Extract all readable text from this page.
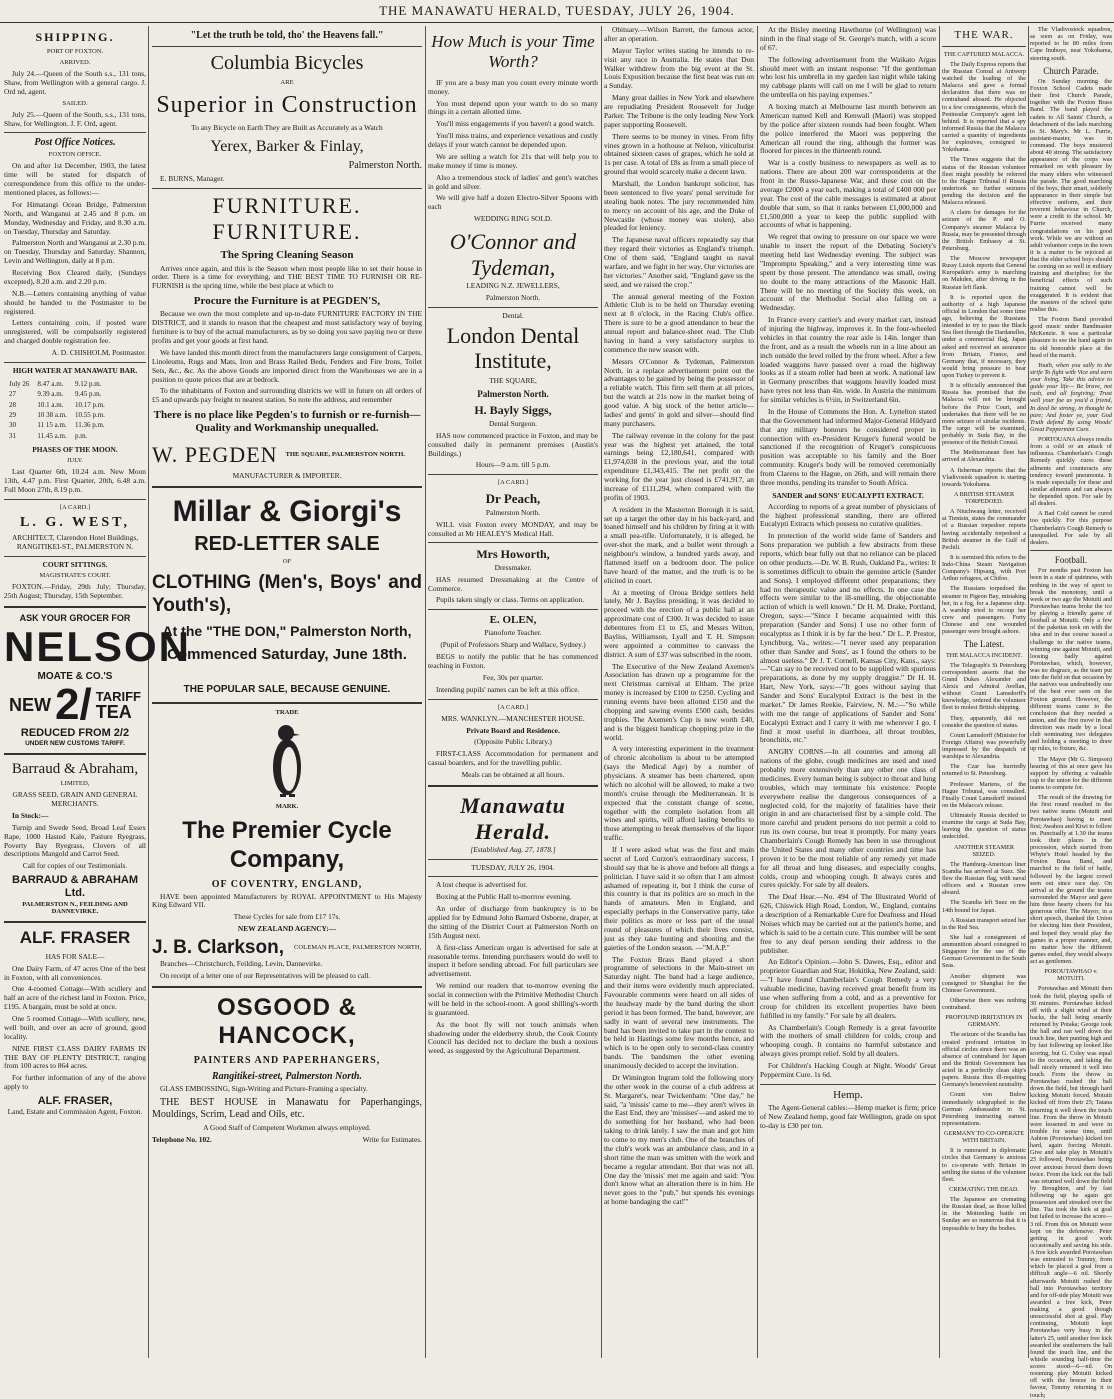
THE MANAWATU HERALD, TUESDAY, JULY 26, 1904.
SHIPPING.

PORT OF FOXTON.

ARRIVED.

July 24.—Queen of the South s.s., 131 tons, Shaw, from Wellington with a general cargo. J. Ord nd, agent.

SAILED.

July 25.—Queen of the South, s.s., 131 tons, Shaw, for Wellington. J. F. Ord, agent.

Post Office Notices.

FOXTON OFFICE.

On and after 1st December, 1903, the latest time will be stated for dispatch of correspondence from this office to the under-mentioned places, as follows:—

For Himatangi Ocean Bridge, Palmerston North, and Wanganui at 2.45 and 8 p.m. on Monday, Wednesday and Friday, and 8.30 a.m. on Tuesday, Thursday and Saturday.

Palmerston North and Wanganui at 2.30 p.m. on Tuesday, Thursday and Saturday. Shannon, Levin and Wellington, daily at 8 p.m.

Receiving Box Cleared daily, (Sundays excepted), 8.20 a.m. and 2.20 p.m.

N.B.—Letters containing anything of value should be handed to the Postmaster to be registered.

Letters containing coin, if posted ware unregistered, will be compulsorily registered and charged double registration fee.

A. D. CHISHOLM, Postmaster.

HIGH WATER AT MANAWATU BAR.
July 26	8.47 a.m.	9.12 p.m.
27	9.39 a.m.	9.45 p.m.
28	10.1 a.m.	10.17 p.m.
29	10 38 a.m.	10.55 p.m.
30	11 15 a.m.	11.36 p.m.
31	11.45 a.m.	p.m.
PHASES OF THE MOON.

JULY.

Last Quarter 6th, 10.24 a.m. New Moon 13th, 4.47 p.m. First Quarter, 20th, 6.48 a.m. Full Moon 27th, 8.19 p.m.

[A CARD.]

L. G. WEST,

ARCHITECT, Clarendon Hotel Buildings, RANGITIKEI-ST., PALMERSTON N.

COURT SITTINGS.

MAGISTRATE'S COURT.

FOXTON.—Friday, 29th July; Thursday, 25th August; Thursday, 15th September.

ASK YOUR GROCER FOR
NELSON
MOATE & CO.'S
NEW 2/ TARIFF
TEA
REDUCED FROM 2/2
UNDER NEW CUSTOMS TARIFF.
Barraud & Abraham,

LIMITED,

GRASS SEED, GRAIN AND GENERAL MERCHANTS.

In Stock:—

Turnip and Swede Seed, Broad Leaf Essex Rape, 1000 Hasted Kale, Pasture Ryegrass, Poverty Bay Ryegrass, Clovers of all descriptions Mangold and Carrot Seed.

Call for copies of our Testimonials.

BARRAUD & ABRAHAM Ltd.

PALMERSTON N., FEILDING AND DANNEVIRKE.

ALF. FRASER

HAS FOR SALE—

One Dairy Farm, of 47 acres One of the best in Foxton, with all conveniences.

One 4-roomed Cottage—With scullery and half an acre of the richest land in Foxton. Price, £195. A bargain, must be sold at once.

One 5 roomed Cottage—With scullery, new, well built, and over an acre of ground, good locality.

NINE FIRST CLASS DAIRY FARMS IN THE BAY OF PLENTY DISTRICT, ranging from 100 acres to 864 acres.

For further information of any of the above apply to

ALF. FRASER,

Land, Estate and Commission Agent, Foxton.

"Let the truth be told, tho' the Heavens fall."
Columbia Bicycles

ARE

Superior in Construction

To any Bicycle on Earth They are Built as Accurately as a Watch

Yerex, Barker & Finlay,

Palmerston North.

E. BURNS, Manager.

FURNITURE. FURNITURE.
The Spring Cleaning Season

Arrives once again, and this is the Season when most people like to set their house in order. There is a time for everything, and THE BEST TIME TO FURNISH OR RE-FURNISH is the spring time, while the best place at which to

Procure the Furniture is at PEGDEN'S,

Because we own the most complete and up-to-date FURNITURE FACTORY IN THE DISTRICT, and it stands to reason that the cheapest and most satisfactory way of buying furniture is to buy of the actual manufacturers, as by so doing you save paying two or three profits and get your goods at first hand.

We have landed this month direct from the manufacturers large consignment of Carpets, Linoleums, Rugs and Mats, Iron and Brass Railed Beds, Fenders and Fire Irons, Toilet Sets, &c., &c. As the above Goods are imported direct from the Warehouses we are in a position to quote prices that are at bedrock.

To the inhabitants of Foxton and surrounding districts we will in future on all orders of £5 and upwards pay freight to nearest station. So note the address, and remember

There is no place like Pegden's to furnish or re-furnish—Quality and Workmanship unequalled.
W. PEGDEN THE SQUARE, PALMERSTON NORTH.

MANUFACTURER & IMPORTER.

Millar & Giorgi's
RED-LETTER SALE

OF

CLOTHING (Men's, Boys' and Youth's),
At the "THE DON," Palmerston North,
Commenced Saturday, June 18th.
THE POPULAR SALE, BECAUSE GENUINE.

TRADE

MARK.

The Premier Cycle Company,
OF COVENTRY, ENGLAND,

HAVE been appointed Manufacturers by ROYAL APPOINTMENT to His Majesty King Edward VII.

These Cycles for sale from £17 17s.

NEW ZEALAND AGENCY:—

J. B. Clarkson, COLEMAN PLACE, PALMERSTON NORTH,

Branches—Christchurch, Feilding, Levin, Dannevirke.

On receipt of a letter one of our Representatives will be pleased to call.

OSGOOD & HANCOCK,
PAINTERS AND PAPERHANGERS,
Rangitikei-street, Palmerston North.

GLASS EMBOSSING, Sign-Writing and Picture-Framing a specialty.

THE BEST HOUSE in Manawatu for Paperhangings, Mouldings, Scrim, Lead and Oils, etc.

A Good Staff of Competent Workmen always employed.

Telephone No. 102.	Write for Estimates.
How Much is your Time Worth?

IF you are a busy man you count every minute worth money.

You must depend upon your watch to do so many things in a certain allotted time.

You'll miss engagements if you haven't a good watch.

You'll miss trains, and experience vexatious and costly delays if your watch cannot be depended upon.

We are selling a watch for 21s that will help you to make money if time is money.

Also a tremendous stock of ladies' and gent's watches in gold and silver.

We will give half a dozen Electro-Silver Spoons with each

WEDDING RING SOLD.

O'Connor and Tydeman,

LEADING N.Z. JEWELLERS,

Palmerston North.

Dental.

London Dental Institute,

THE SQUARE,

Palmerston North.

H. Bayly Siggs,

Dental Surgeon.

HAS now commenced practice in Foxton, and may be consulted daily in permanent premises (Austin's Buildings.)

Hours—9 a.m. till 5 p.m.

[A CARD.]

Dr Peach,

Palmerston North.

WILL visit Foxton every MONDAY, and may be consulted at Mr HEALEY'S Medical Hall.

Mrs Howorth,

Dressmaker.

HAS resumed Dressmaking at the Centre of Commerce.

Pupils taken singly or class. Terms on application.

E. OLEN,

Pianoforte Teacher.

(Pupil of Professors Sharp and Wallace, Sydney.)

BEGS to notify the public that he has commenced teaching in Foxton.

Fee, 30s per quarter.

Intending pupils' names can be left at this office.

[A CARD.]

MRS. WANKLYN.—MANCHESTER HOUSE.

Private Board and Residence.

(Opposite Public Library.)

FIRST-CLASS Accommodation for permanent and casual boarders, and for the travelling public.

Meals can be obtained at all hours.

Manawatu Herald.

[Established Aug. 27, 1878.]

TUESDAY, JULY 26, 1904.

A lost cheque is advertised for.

Boxing at the Public Hall to-morrow evening.

An order of discharge from bankruptcy is to be applied for by Edmund John Barnard Osborne, draper, at the sitting of the District Court at Palmerston North on 15th August next.

A first-class American organ is advertised for sale at reasonable terms. Intending purchasers would do well to inspect it before sending abroad. For full particulars see advertisement.

We remind our readers that to-morrow evening the social in connection with the Primitive Methodist Church will be held in the school-room. A good shilling's-worth is guaranteed.

As the boot fly will not touch animals when shadowing under the elderberry shrub, the Cook County Council has decided not to declare the bush a noxious weed, as suggested by the Agricultural Department.

Obituary.—Wilson Barrett, the famous actor, after an operation.

Mayor Taylor writes stating he intends to re-visit any race in Australia. He states that Don Walker withdrew from the big event at the St. Louis Exposition because the first heat was run on a Sunday.

Many great dailies in New York and elsewhere are repudiating President Roosevelt for Judge Parker. The Tribune is the only leading New York paper supporting Roosevelt.

There seems to be money in vines. From fifty vines grown in a hothouse at Nelson, viticulturist obtained sixteen cases of grapes, which he sold at 1s per case. A total of £8s as from a small piece of ground that would scarcely make a decent lawn.

Marshall, the London bankrupt solicitor, has been sentenced to five years' penal servitude for stealing bank notes. The jury recommended him to mercy on account of his age, and the Duke of Newcastle (whose money was stolen), also pleaded for leniency.

The Japanese naval officers repeatedly say that they regard their victories as England's triumph. One of them said, "England taught us naval warfare, and we fight in her way. Our victories are her victories." Another said, "England gave us the seed, and we raised the crop."

The annual general meeting of the Foxton Athletic Club is to be held on Thursday evening next at 8 o'clock, in the Racing Club's office. There is sure to be a good attendance to hear the annual report and balance-sheet read. The Club having in hand a very satisfactory surplus to commence the new season with.

Messrs O'Connor & Tydeman, Palmerston North, in a replace advertisement point out the advantages to be gained by being the possessor of a reliable watch. This firm sell them at all prices, but the watch at 21s now in the market being of good value. A big stock of the better article—ladies' and gents' in gold and silver—should find many purchasers.

The railway revenue in the colony for the past year was the highest yet attained, the total earnings being £2,180,641, compared with £1,974,038 in the previous year, and the total expenditure £1,343,415. The net profit on the working for the year just closed is £741,917, an increase of £111,294, when compared with the profits of 1903.

A resident in the Masterton Borough it is said, set up a target the other day in his back-yard, and loaned himself and his children by firing at it with a small pea-rifle. Unfortunately, it is alleged, he over-shot the mark, and a bullet went through a neighbour's window, a hundred yards away, and flattened itself on a bedroom door. The police have heard of the matter, and the truth is to be elicited in court.

At a meeting of Oroua Bridge settlers held lately, Mr J. Bayliss presiding, it was decided to proceed with the erection of a public hall at an approximate cost of £300. It was decided to issue debentures from £1 to £5, and Messrs Wilton, Bayliss, Williamson, Lyall and T. H. Simpson were appointed a committee to canvass the district. A sum of £37 was subscribed in the room.

The Executive of the New Zealand Axemen's Association has drawn up a programme for the next Christmas carnival at Eltham. The prize money is increased by £100 to £250. Cycling and running events have been allotted £150 and the chopping and sawing events £500 cash, besides trophies. The Axemen's Cup is now worth £40, and is the biggest handicap chopping prize in the world.

A very interesting experiment in the treatment of chronic alcoholism is about to be attempted (says the Medical Age) by a number of physicians. A steamer has been chartered, upon which no alcohol will be allowed, to make a two month's cruise through the Mediterranean. It is expected that the constant change of scene, together with the complete isolation from all wines and spirits, will afford lasting benefits to those attempting to break themselves of the liquor traffic.

If I were asked what was the first and main secret of Lord Curzon's extraordinary success, I should say that he is above and before all things a politician. I have said it so often that I am almost ashamed of repeating it, but I think the curse of this country is that its politics are so much in the hands of amateurs. Men in England, and especially perhaps in the Conservative party, take their politics as more or less part of the usual round of pleasures of which their lives consist, just as they take hunting and shooting and the gaieties of the London season. —"M.A.P."

The Foxton Brass Band played a short programme of selections in the Main-street on Saturday night. The band had a large audience, and their items were evidently much appreciated. Favourable comments were heard on all sides of the headway made by the band during the short period it has been formed. The band, however, are sadly in want of several new instruments. The band has been invited to take part in the contest to be held in Hastings some few months hence, and which is to be open only to second-class country bands. The bandsmen the other evening unanimously decided to accept the invitation.

Dr Wimington Ingram told the following story the other week in the course of a club address at St. Margaret's, near Twickenham: "One day," he said, "a 'missis' came to me—they aren't wives in the East End, they are 'missises'—and asked me to do something for her husband, who had been taking to drink lately. I saw the man and got him to come to my men's club. One of the branches of the club's work was an ambulance class, and in a short time the man was smitten with the work and became a regular attendant. But that was not all. One day the 'missis' met me again and said: 'You don't know what an alteration there is in him. He never goes to the "pub," but spends his evenings at home bandaging the cat!'"

At the Bisley meeting Hawthorne (of Wellington) was ninth in the final stage of St. George's match, with a score of 67.

The following advertisement from the Waikato Argus should meet with an instant response: "If the gentleman who lost his umbrella in my garden last night while taking my cabbage plants will call on me I will be glad to return the umbrella on his paying expenses."

A boxing match at Melbourne last month between an American named Kell and Kenwall (Maori) was stopped by the police after sixteen rounds had been fought. When the police interfered the Maori was peppering the American all round the ring, although the former was floored for pieces in the thirteenth round.

War is a costly business to newspapers as well as to nations. There are about 200 war correspondents at the front in the Russo-Japanese War, and these cost on the average £2000 a year each, making a total of £400 000 per year. The cost of the cable messages is estimated at about double that sum, so that it ranks between £1,000,000 and £1,500,000 a year to keep the public supplied with accounts of what is happening.

We regret that owing to pressure on our space we were unable to insert the report of the Debating Society's meeting held last Wednesday evening. The subject was "Impromptu Speaking," and a very interesting time was spent by those present. The attendance was small, owing no doubt to the many attractions of the Masonic Hall. There will be no meeting of the Society this week, on account of the Methodist Social also falling on a Wednesday.

In France every carrier's and every market cart, instead of injuring the highway, improves it. In the four-wheeled vehicles in that country the rear axle is 14in. longer than the front, and as a result the wheels run in a line about an inch outside the level rolled by the front wheel. After a few loaded waggons have passed over a road the highway looks as if a steam roller had been at work. A national law in Germany prescribes that waggons heavily loaded must have tyres not less than 4in. wide. In Austria the minimum for similar vehicles is 6½in, in Switzerland 6in.

In the House of Commons the Hon. A. Lyttelton stated that the Government had informed Major-General Hildyard that any military honours he considered proper in connection with ex-President Kruger's funeral would be sanctioned if the recognition of Kruger's conspicuous position was acceptable to his family and the Boer community. Kruger's body will be removed ceremonially from Clarens to the Hague, on 26th, and will remain there three months, pending its transfer to South Africa.

SANDER and SONS' EUCALYPTI EXTRACT.

According to reports of a great number of physicians of the highest professional standing, there are offered Eucalypti Extracts which possess no curative qualities.

In protection of the world wide fame of Sanders and Sons preparation we publish a few abstracts from these reports, which bear fully out that no reliance can be placed on other products.—Dr. W. B. Rush, Oakland Pa., writes: It is sometimes difficult to obtain the genuine article (Sander and Sons). I employed different other preparations; they had no therapeutic value and no effects. In one case the effects were similar to the ill-smelling, the objectionable action of which is well known." Dr H. M. Drake, Portland, Oregon, says:—"Since I became acquainted with this preparation (Sander and Sons) I use no other form of eucalyptus as I think it is by far the best." Dr L. P. Prestor, Lynchburg, Va., writes:—"I never used any preparation other than Sander and Sons', as I found the others to be almost useless." Dr J. T. Cornell, Kansas City, Kans., says:—"Can say to be received not to be supplied with spurious preparations, as done by my supply druggist." Dr H. H. Hart, New York, says:—"It goes without saying that Sander and Sons' Eucalyptol Extract is the best in the market." Dr James Reekie, Fairview, N. M.:—"So while with me the range of applications of Sander and Sons' Eucalypti Extract and I carry it with me wherever I go. I find it most useful in diarrhoea, all throat troubles, bronchitis, etc."

ANGRY CORNS.—In all countries and among all nations of the globe, cough medicines are used and used probably more extensively than any other one class of medicines. Every human being is subject to throat and lung troubles, which may terminate his existence. People everywhere realise the dangerous consequences of a neglected cold, for the majority of fatalities have their origin in and are characterised first by a simple cold. The more careful and prudent persons do not permit a cold to run its own course, but treat it promptly. For many years Chamberlain's Cough Remedy has been in use throughout the United States and many other countries and time has proven it to be the most reliable of any remedy yet made for all throat and lung diseases, and especially coughs, colds, croup and whooping cough. It always cures and cures quickly. For sale by all dealers.

The Deaf Hear.—No. 494 of The Illustrated World of 626, Chiswick High Road, London, W., England, contains a description of a Remarkable Cure for Deafness and Head Noises which may be carried out at the patient's home, and which is said to be a certain cure. This number will be sent free to any deaf person sending their address to the publisher.

An Editor's Opinion.—John S. Dawes, Esq., editor and proprietor Guardian and Star, Hokitika, New Zealand, said:—"I have found Chamberlain's Cough Remedy a very valuable medicine, having received great benefit from its use when suffering from a cold, and as a preventive for croup for children its excellent properties have been fulfilled in my family." For sale by all dealers.

As Chamberlain's Cough Remedy is a great favourite with the mothers of small children for colds, croup and whooping cough. It contains no harmful substance and always gives prompt relief. Sold by all dealers.

For Children's Hacking Cough at Night. Woods' Great Peppermint Cure. 1s 6d.

Hemp.

The Agent-General cables:—Hemp market is firm; price of New Zealand hemp, good fair Wellington, grade on spot to-day is £30 per ton.

THE WAR.

THE CAPTURED MALACCA.

The Daily Express reports that the Russian Consul at Antwerp watched the loading of the Malacca and gave a formal declaration that there was no contraband aboard. He objected to a few consignments, which the Peninsular Company's agent left behind. It is reported that a spy informed Russia that the Malacca carried a quantity of ingredients for explosives, consigned to Yokohama.

The Times suggests that the status of the Russian volunteer fleet might possibly be referred to the Hague Tribunal if Russia undertook no further seizures pending the decision and the Malacca released.

A claim for damages for the seizure of the P. and O. Company's steamer Malacca by Russia, may be presented through the British Embassy at St. Petersburg.

The Moscow newspaper Russy Listok reports that General Kuropatkin's army is marching on Mukden, after driving in the Russian left flank.

It is reported upon the authority of a high Japanese official in London that some time ago, believing the Russians intended to try to pass the Black Sea fleet through the Dardanelles, under a commercial flag, Japan asked and received an assurance from Britain, France, and Germany that, if necessary, they would bring pressure to bear upon Turkey to prevent it.

It is officially announced that Russia has promised that the Malacca will not be brought before the Prize Court, and undertakes that there will be no more seizure of similar incidents. The cargo will be examined, probably in Suda Bay, in the presence of the British Consul.

The Mediterranean fleet has arrived at Alexandria.

A fisherman reports that the Vladivostok squadron is starting towards Yokohama.

A BRITISH STEAMER TORPEDOED.

A Niuchwang letter, received at Tientsin, states the commander of a Russian torpedoer reports having accidentally torpedoed a British steamer in the Gulf of Pechili.

It is surmised this refers to the Indo-China Steam Navigation Company's Hipsang, with Port Arthur refugees, at Chifoo.

The Russians torpedoed the steamer in Pigeon Bay, mistaking her, in a fog, for a Japanese ship. A warship tried to recoup her crew and passengers. Forty Chinese and one wounded passenger were brought ashore.

The Latest.

THE MALACCA INCIDENT.

The Telegraph's St Petersburg correspondent asserts that the Grand Dukes Alexander and Alexis and Admiral Avellan, without Count Lamsdorff's knowledge, ordered the volunteer fleet to molest British shipping.

They, apparently, did not consider the question of status.

Count Lamsdorff (Minister for Foreign Affairs) was powerfully impressed by the despatch of warships to Alexandria.

The Czar has hurriedly returned to St. Petersburg.

Professor Martens, of the Hague Tribunal, was consulted. Finally Count Lamsdorff insisted on the Malacca's release.

Ultimately Russia decided to examine the cargo at Suda Bay, leaving the question of status undecided.

ANOTHER STEAMER SEIZED.

The Hamburg-American liner Scandia has arrived at Suez. She flew the Russian flag, with naval officers and a Russian crew aboard.

The Scandia left Suez on the 14th bound for Japan.

A Russian transport seized her in the Red Sea.

She had a consignment of ammunition aboard consigned to Singapore for the use of the German Government in the South Seas.

Another shipment was consigned to Shanghai for the Chinese Government.

Otherwise there was nothing contraband.

PROFOUND IRRITATION IN GERMANY.

The seizure of the Scandia has created profound irritation in official circles since there was an absence of contraband for Japan and the British Government has acted in a perfectly clean ship's papers. Russia thus ill-requiting Germany's benevolent neutrality.

Count von Bulow immediately telegraphed to the German Ambassador in St. Petersburg instructing earnest representations.

GERMANY TO CO-OPERATE WITH BRITAIN.

It is rumoured in diplomatic circles that Germany is anxious to co-operate with Britain in settling the status of the volunteer fleet.

CREMATING THE DEAD.

The Japanese are cremating the Russian dead, as those killed in the Motienling battle on Sunday are so numerous that it is impossible to bury the bodies.

The Vladivostock squadron, as soon as on Friday, was reported to be 80 miles from Cape Inubuye, near Yokohama, steering south.

Church Parade.

On Sunday morning the Foxton School Cadets made their first Church Parade, together with the Foxton Brass Band. The band played the cadets to All Saints' Church, a detachment of the lads marching to St. Mary's. Mr L. Furrie, assistant-master, was in command. The boys mustered about 40 strong. The satisfactory appearance of the corps was remarked on with pleasure by the many elders who witnessed the parade. The good marching of the boys, their smart, soldierly appearance in their simple but effective uniform, and their reverent behaviour in Church, were a credit to the school. Mr Furrie received many congratulations on his good work. While we are without an adult volunteer corps in the town it is a matter to be rejoiced at that the elder school boys should be coming on so well in military training and discipline; for the beneficial effects of such training cannot well be exaggerated. It is evident that the masters of the school quite realise this.

The Foxton Band provided good music under Bandmaster McKenzie. It was a particular pleasure to see the band again in its old honorable place at the head of the march.

Youth, when you sally to the strife To fight with Vice and earn your living, Take this advice to guide your life— Be brave, not rash, and all forgiving; Trust well your foe as you'd a friend, In deed be strong, in thought be pure; And foster ye, your God Truth defend By using Woods' Great Peppermint Cure.

PORTOUANA always results from a cold or an attack of influenza. Chamberlain's Cough Remedy quickly cures these ailments and counteracts any tendency toward pneumonia. It is made especially for these and similar ailments and can always be depended upon. For sale by all dealers.

A Bad Cold cannot be cured too quickly. For this purpose Chamberlain's Cough Remedy is unequalled. For sale by all dealers.

Football.

For months past Foxton has been in a state of quietness, with nothing in the way of sport to break the monotony, until a week or two ago the Motuiti and Porotawhao teams broke the ice by playing a friendly game of football at Motuiti. Only a few of the paketias took on with the idea and in due course issued a challenge to the native teams, winning one against Motuiti, and loosing badly against Porotawhao, which, however, was no disgrace, as the team put into the field on that occasion by the natives was undoubtedly one of the best ever seen on the Foxton ground. However, the different teams came to the conclusion that they needed a union, and the first move in that direction was made by a local club nominating two delegates and holding a meeting to draw up rules, to fixture, &c.

The Mayor (Mr G. Simpson) hearing of this at once gave his support by offering a valuable cup to the union for the different teams to compete for.

The result of the drawing for the first round resulted in the two native teams (Motuiti and Porotawhao) having to meet first; Awahou and Kiwi to follow on. Punctually at 1.30 the teams took their places in the procession, which started from Whyte's Hotel headed by the Foxton Brass Band, and marched to the field of battle, followed by the largest crowd seen out since race day. On arrival at the ground the teams surrounded the Mayor and gave him three hearty cheers for his generous offer. The Mayor, in a short speech, thanked the Union for electing him their President, and hoped they would play the games in a proper manner, and, no matter how the different games ended, they would always act as gentlemen.

POROUTAWHAO v. MOTUITI.

Porotawhao and Motuiti then took the field, playing spells of 30 minutes. Porotawhao kicked off with a slight wind at their backs, the ball being smartly returned by Potaka; George took the ball and ran well down the touch line, then punting high and by fast following up looked like scoring, but G. Coley was equal to the occasion, and taking the ball nicely returned it well into touch. From the throw in Porotawhao rushed the ball down the field, but through hard kicking Motuiti forced. Motuiti kicked off from their 25; Tatana returning it well down the touch line. From the throw in Motuiti were lessened in and were in trouble for some time, until Ashton (Porotawhao) kicked too hard, again forcing Motuiti. Give and take play in Motuiti's 25 followed, Porotawhao being over anxious forced them down twice. From the kick out the ball was returned well down the field by Broughton, and by fast following up he again got possession and streaked over the line. Tua took the kick at goal but failed to increase the score—3 nil. From this on Motuiti were kept on the defensive. Peter getting in good work occasionally and saving his side. A free kick awarded Porotawhao was entrusted to Tommy, from which he placed a goal from a difficult angle—6 nil. Shortly afterwards Motuiti rushed the ball into Porotawhao territory and for off-side play Motuiti was awarded a free kick, Peter making a good though unsuccessful shot at goal. Play continuing, Motuiti kept Porotawhao very busy in the latter's 25, until another free kick awarded the southerners the ball found the touch line, and the whistle sounding half-time the scores stood—6—nil. On resuming play Motuiti kicked off with the breeze in their favour, Tommy returning it to touch;
